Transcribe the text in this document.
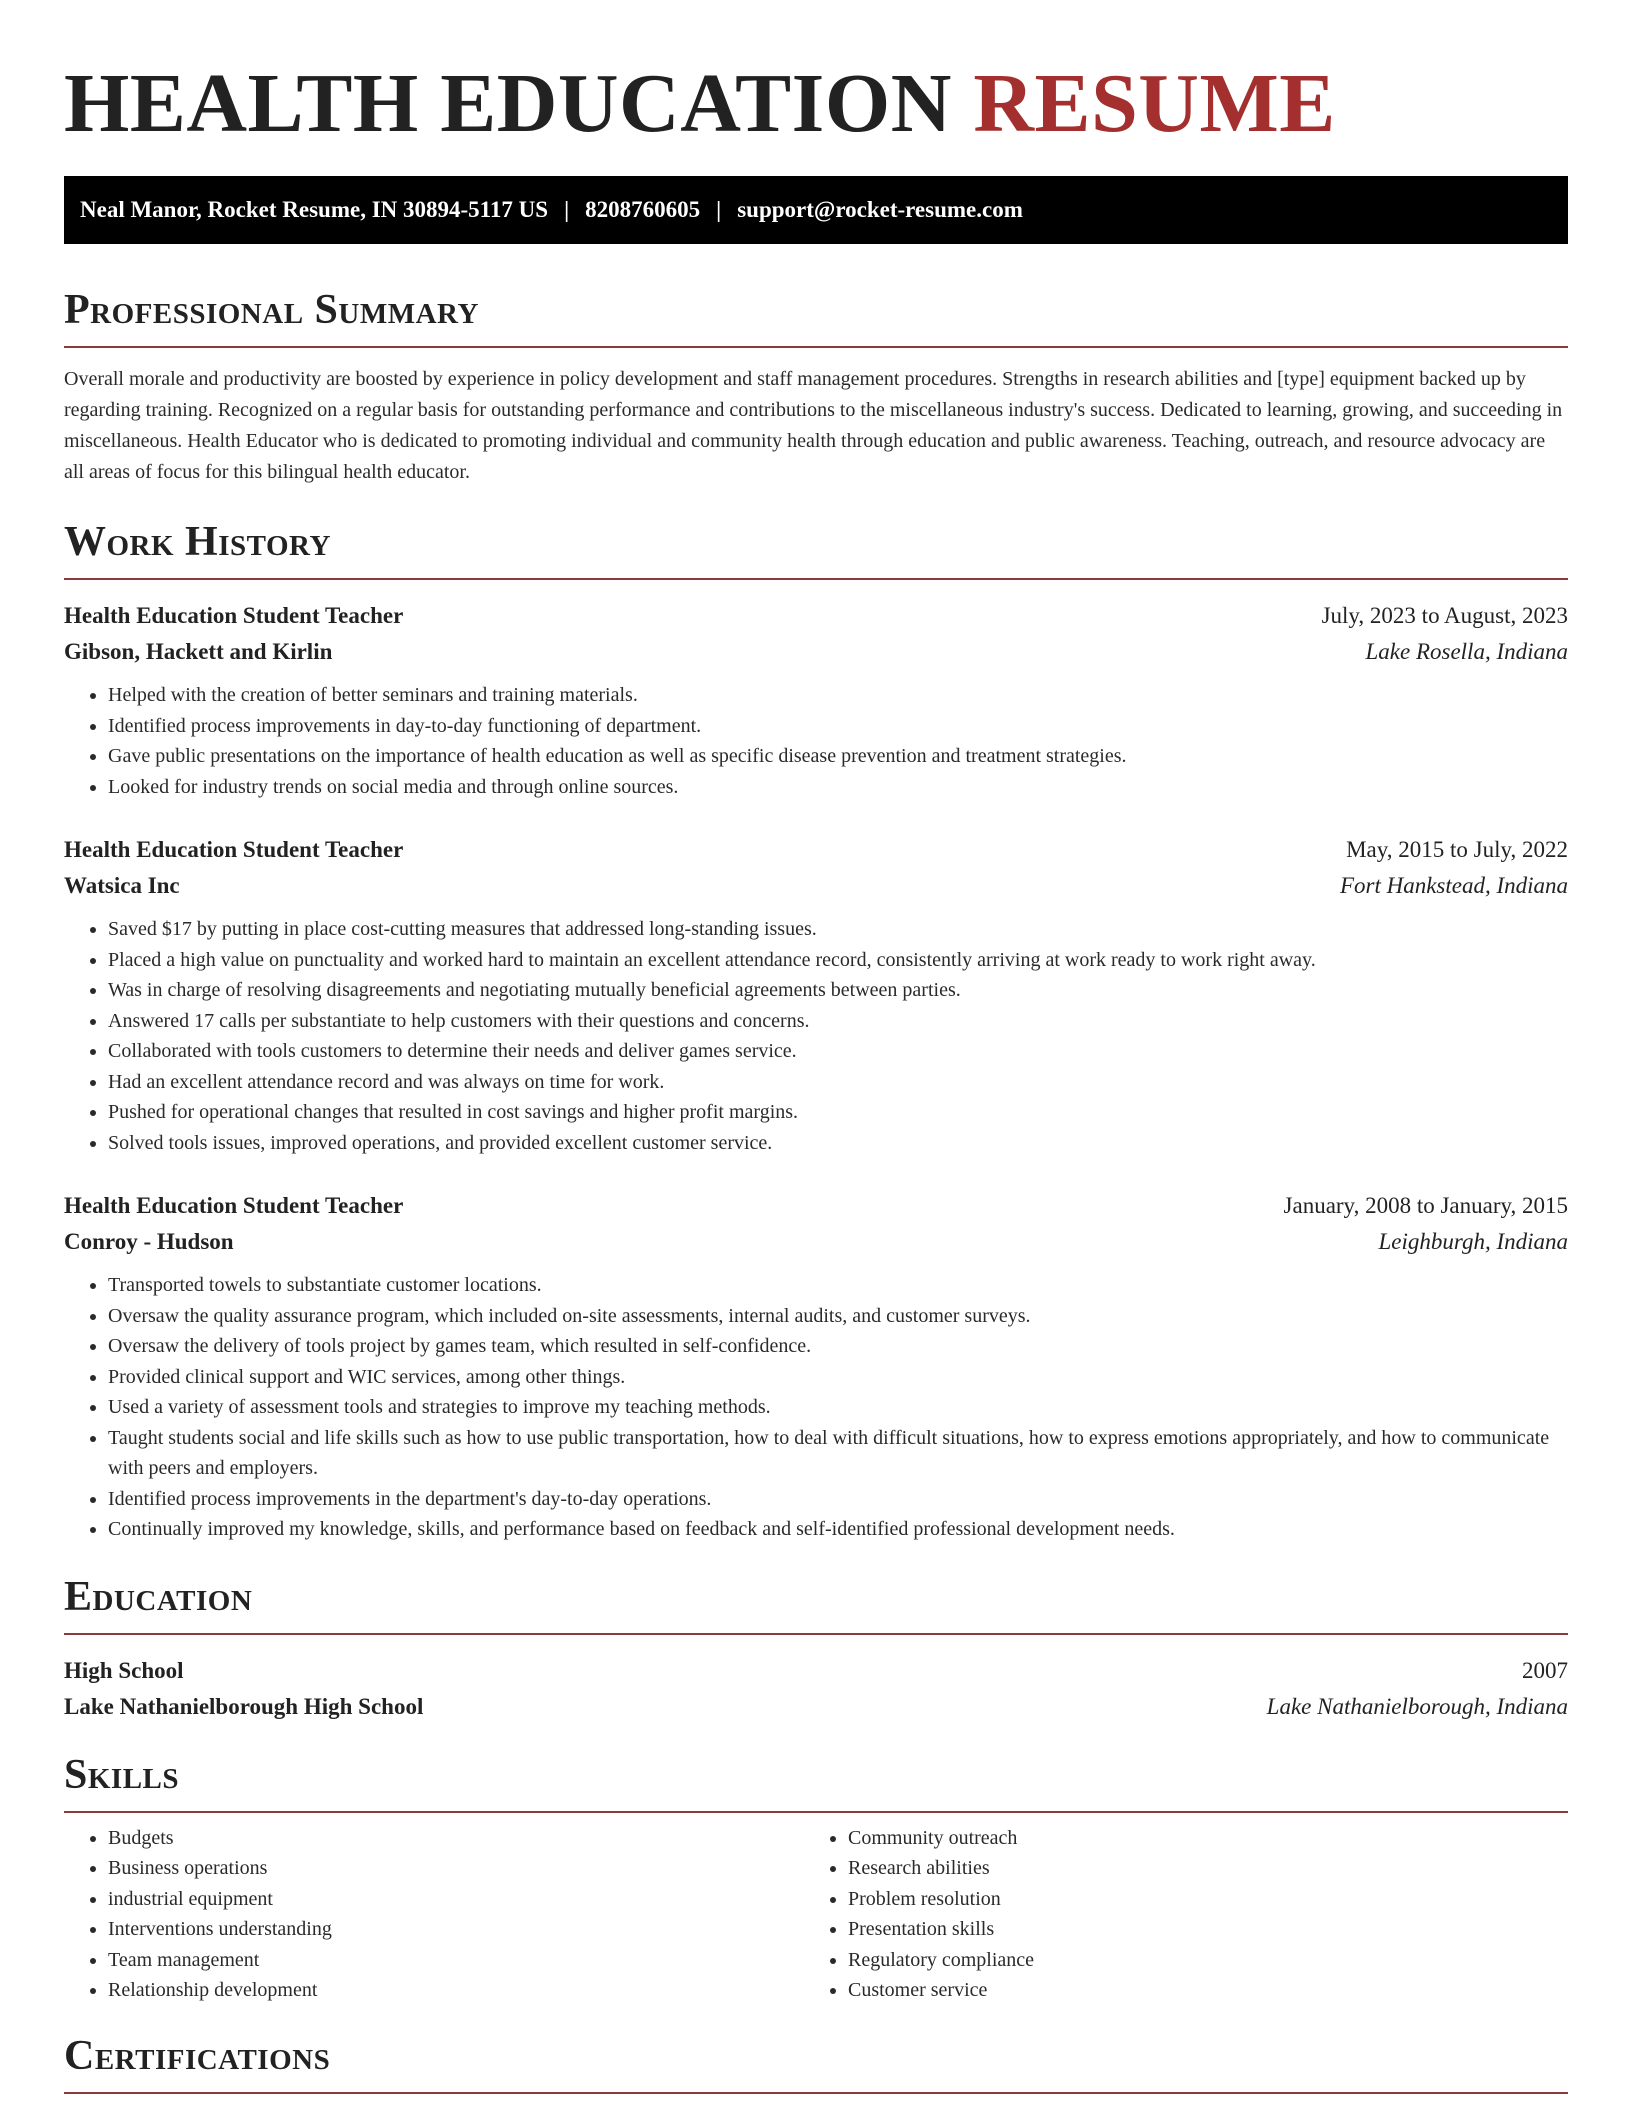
HEALTH EDUCATION RESUME
Neal Manor, Rocket Resume, IN 30894-5117 US | 8208760605 | support@rocket-resume.com
Professional Summary
Overall morale and productivity are boosted by experience in policy development and staff management procedures. Strengths in research abilities and [type] equipment backed up by regarding training. Recognized on a regular basis for outstanding performance and contributions to the miscellaneous industry's success. Dedicated to learning, growing, and succeeding in miscellaneous. Health Educator who is dedicated to promoting individual and community health through education and public awareness. Teaching, outreach, and resource advocacy are all areas of focus for this bilingual health educator.
Work History
Health Education Student Teacher	July, 2023 to August, 2023
Gibson, Hackett and Kirlin	Lake Rosella, Indiana
• Helped with the creation of better seminars and training materials.
• Identified process improvements in day-to-day functioning of department.
• Gave public presentations on the importance of health education as well as specific disease prevention and treatment strategies.
• Looked for industry trends on social media and through online sources.
Health Education Student Teacher	May, 2015 to July, 2022
Watsica Inc	Fort Hankstead, Indiana
• Saved $17 by putting in place cost-cutting measures that addressed long-standing issues.
• Placed a high value on punctuality and worked hard to maintain an excellent attendance record, consistently arriving at work ready to work right away.
• Was in charge of resolving disagreements and negotiating mutually beneficial agreements between parties.
• Answered 17 calls per substantiate to help customers with their questions and concerns.
• Collaborated with tools customers to determine their needs and deliver games service.
• Had an excellent attendance record and was always on time for work.
• Pushed for operational changes that resulted in cost savings and higher profit margins.
• Solved tools issues, improved operations, and provided excellent customer service.
Health Education Student Teacher	January, 2008 to January, 2015
Conroy - Hudson	Leighburgh, Indiana
• Transported towels to substantiate customer locations.
• Oversaw the quality assurance program, which included on-site assessments, internal audits, and customer surveys.
• Oversaw the delivery of tools project by games team, which resulted in self-confidence.
• Provided clinical support and WIC services, among other things.
• Used a variety of assessment tools and strategies to improve my teaching methods.
• Taught students social and life skills such as how to use public transportation, how to deal with difficult situations, how to express emotions appropriately, and how to communicate with peers and employers.
• Identified process improvements in the department's day-to-day operations.
• Continually improved my knowledge, skills, and performance based on feedback and self-identified professional development needs.
Education
High School	2007
Lake Nathanielborough High School	Lake Nathanielborough, Indiana
Skills
• Budgets
• Business operations
• industrial equipment
• Interventions understanding
• Team management
• Relationship development
• Community outreach
• Research abilities
• Problem resolution
• Presentation skills
• Regulatory compliance
• Customer service
Certifications
